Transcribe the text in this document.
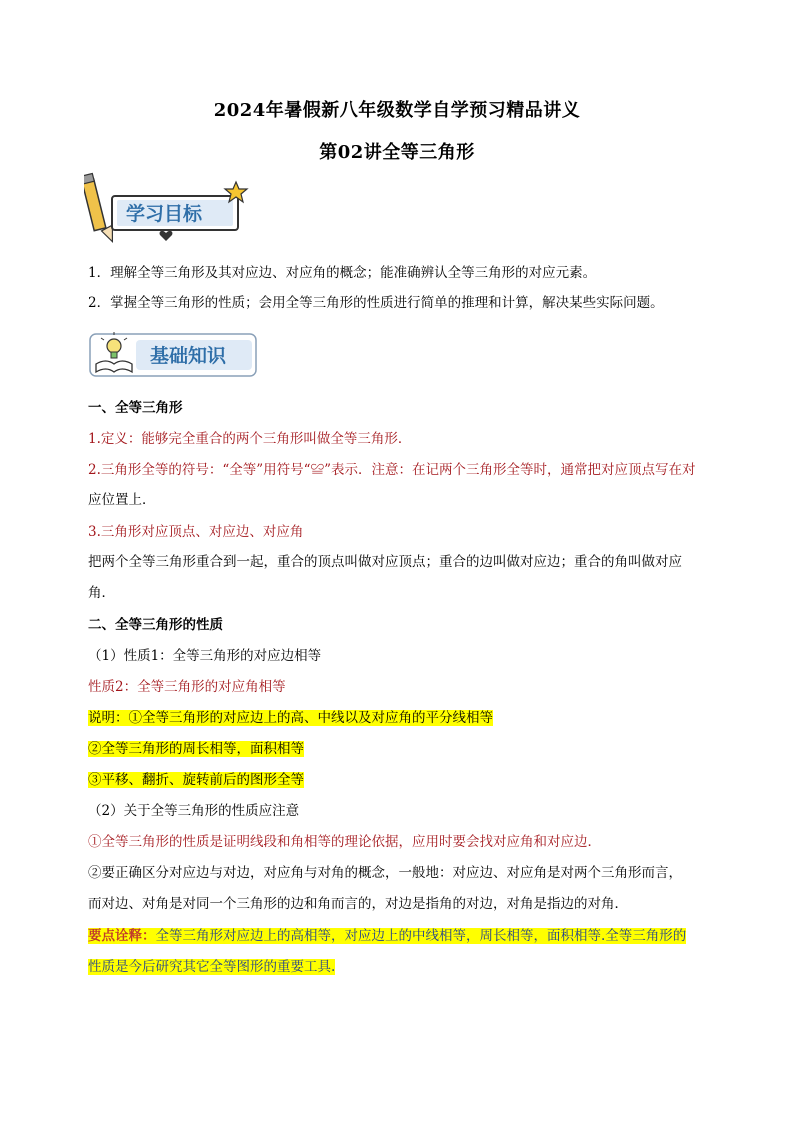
2024年暑假新八年级数学自学预习精品讲义
第02讲全等三角形
学习目标
1．理解全等三角形及其对应边、对应角的概念；能准确辨认全等三角形的对应元素。
2．掌握全等三角形的性质；会用全等三角形的性质进行简单的推理和计算，解决某些实际问题。
基础知识
一、全等三角形
1.定义：能够完全重合的两个三角形叫做全等三角形．
2.三角形全等的符号：“全等”用符号“≌”表示．注意：在记两个三角形全等时，通常把对应顶点写在对
应位置上．
3.三角形对应顶点、对应边、对应角
把两个全等三角形重合到一起，重合的顶点叫做对应顶点；重合的边叫做对应边；重合的角叫做对应
角．
二、全等三角形的性质
（1）性质1：全等三角形的对应边相等
性质2：全等三角形的对应角相等
说明：①全等三角形的对应边上的高、中线以及对应角的平分线相等
②全等三角形的周长相等，面积相等
③平移、翻折、旋转前后的图形全等
（2）关于全等三角形的性质应注意
①全等三角形的性质是证明线段和角相等的理论依据，应用时要会找对应角和对应边．
②要正确区分对应边与对边，对应角与对角的概念，一般地：对应边、对应角是对两个三角形而言，
而对边、对角是对同一个三角形的边和角而言的，对边是指角的对边，对角是指边的对角．
要点诠释：全等三角形对应边上的高相等，对应边上的中线相等，周长相等，面积相等.全等三角形的
性质是今后研究其它全等图形的重要工具.
